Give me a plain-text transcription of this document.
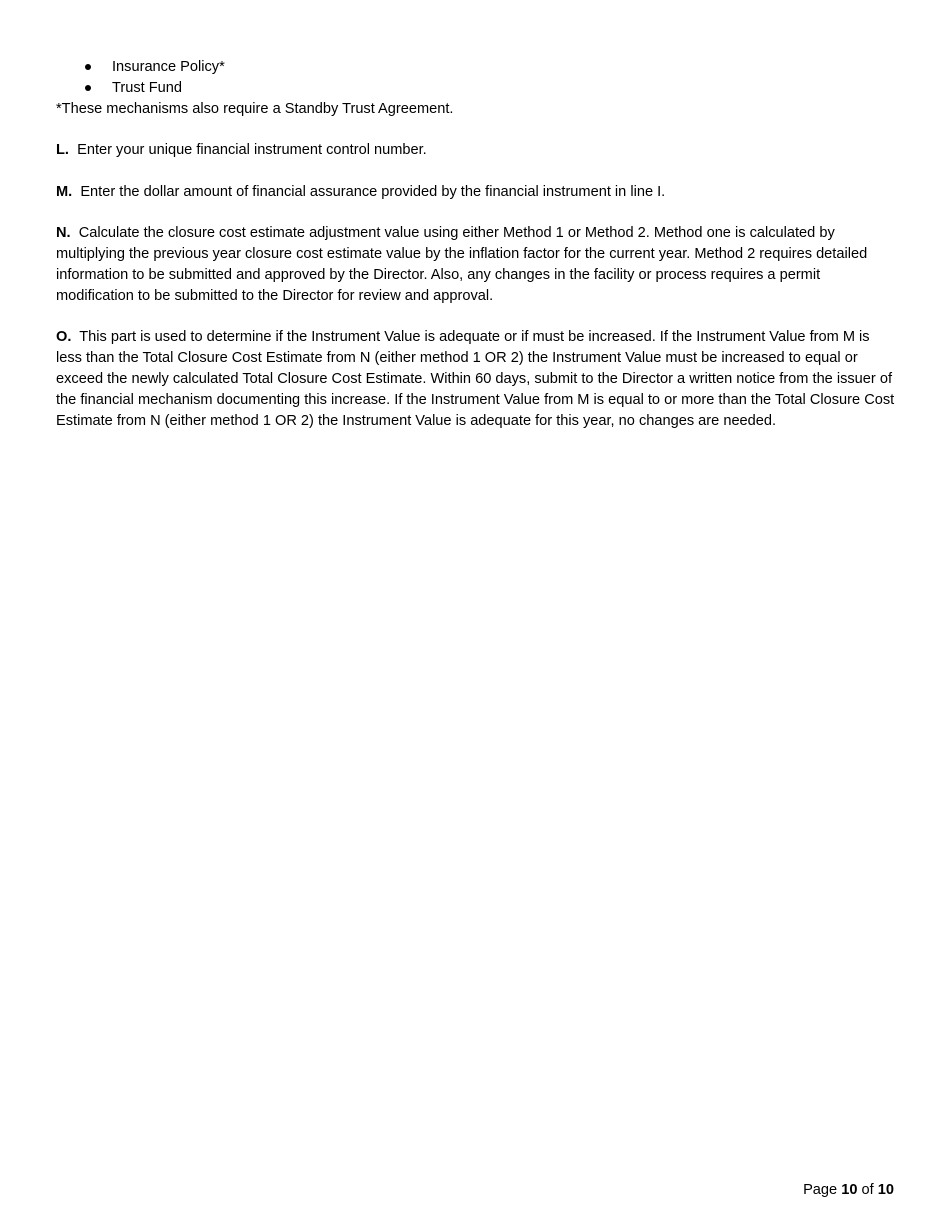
Insurance Policy*
Trust Fund

*These mechanisms also require a Standby Trust Agreement.

L. Enter your unique financial instrument control number.

M. Enter the dollar amount of financial assurance provided by the financial instrument in line I.

N. Calculate the closure cost estimate adjustment value using either Method 1 or Method 2. Method one is calculated by multiplying the previous year closure cost estimate value by the inflation factor for the current year. Method 2 requires detailed information to be submitted and approved by the Director. Also, any changes in the facility or process requires a permit modification to be submitted to the Director for review and approval.

O. This part is used to determine if the Instrument Value is adequate or if must be increased. If the Instrument Value from M is less than the Total Closure Cost Estimate from N (either method 1 OR 2) the Instrument Value must be increased to equal or exceed the newly calculated Total Closure Cost Estimate. Within 60 days, submit to the Director a written notice from the issuer of the financial mechanism documenting this increase. If the Instrument Value from M is equal to or more than the Total Closure Cost Estimate from N (either method 1 OR 2) the Instrument Value is adequate for this year, no changes are needed.

Page 10 of 10
